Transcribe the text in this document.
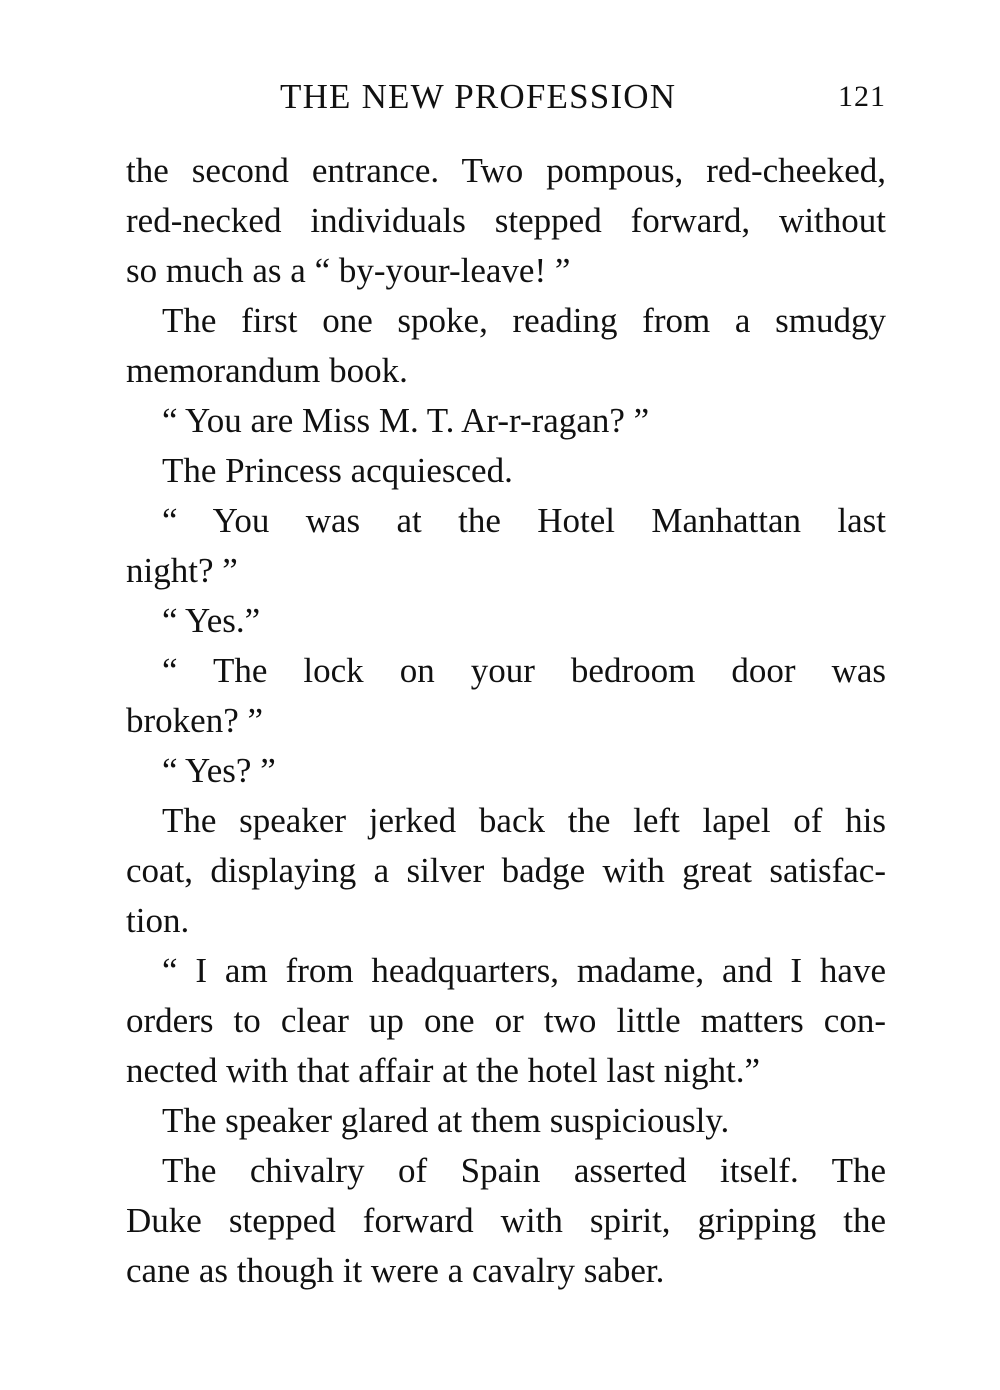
THE NEW PROFESSION	121
the second entrance. Two pompous, red-cheeked,
red-necked individuals stepped forward, without
so much as a “ by-your-leave! ”
The first one spoke, reading from a smudgy
memorandum book.
“ You are Miss M. T. Ar-r-ragan? ”
The Princess acquiesced.
“ You was at the Hotel Manhattan last
night? ”
“ Yes.”
“ The lock on your bedroom door was
broken? ”
“ Yes? ”
The speaker jerked back the left lapel of his
coat, displaying a silver badge with great satisfac-
tion.
“ I am from headquarters, madame, and I have
orders to clear up one or two little matters con-
nected with that affair at the hotel last night.”
The speaker glared at them suspiciously.
The chivalry of Spain asserted itself. The
Duke stepped forward with spirit, gripping the
cane as though it were a cavalry saber.
